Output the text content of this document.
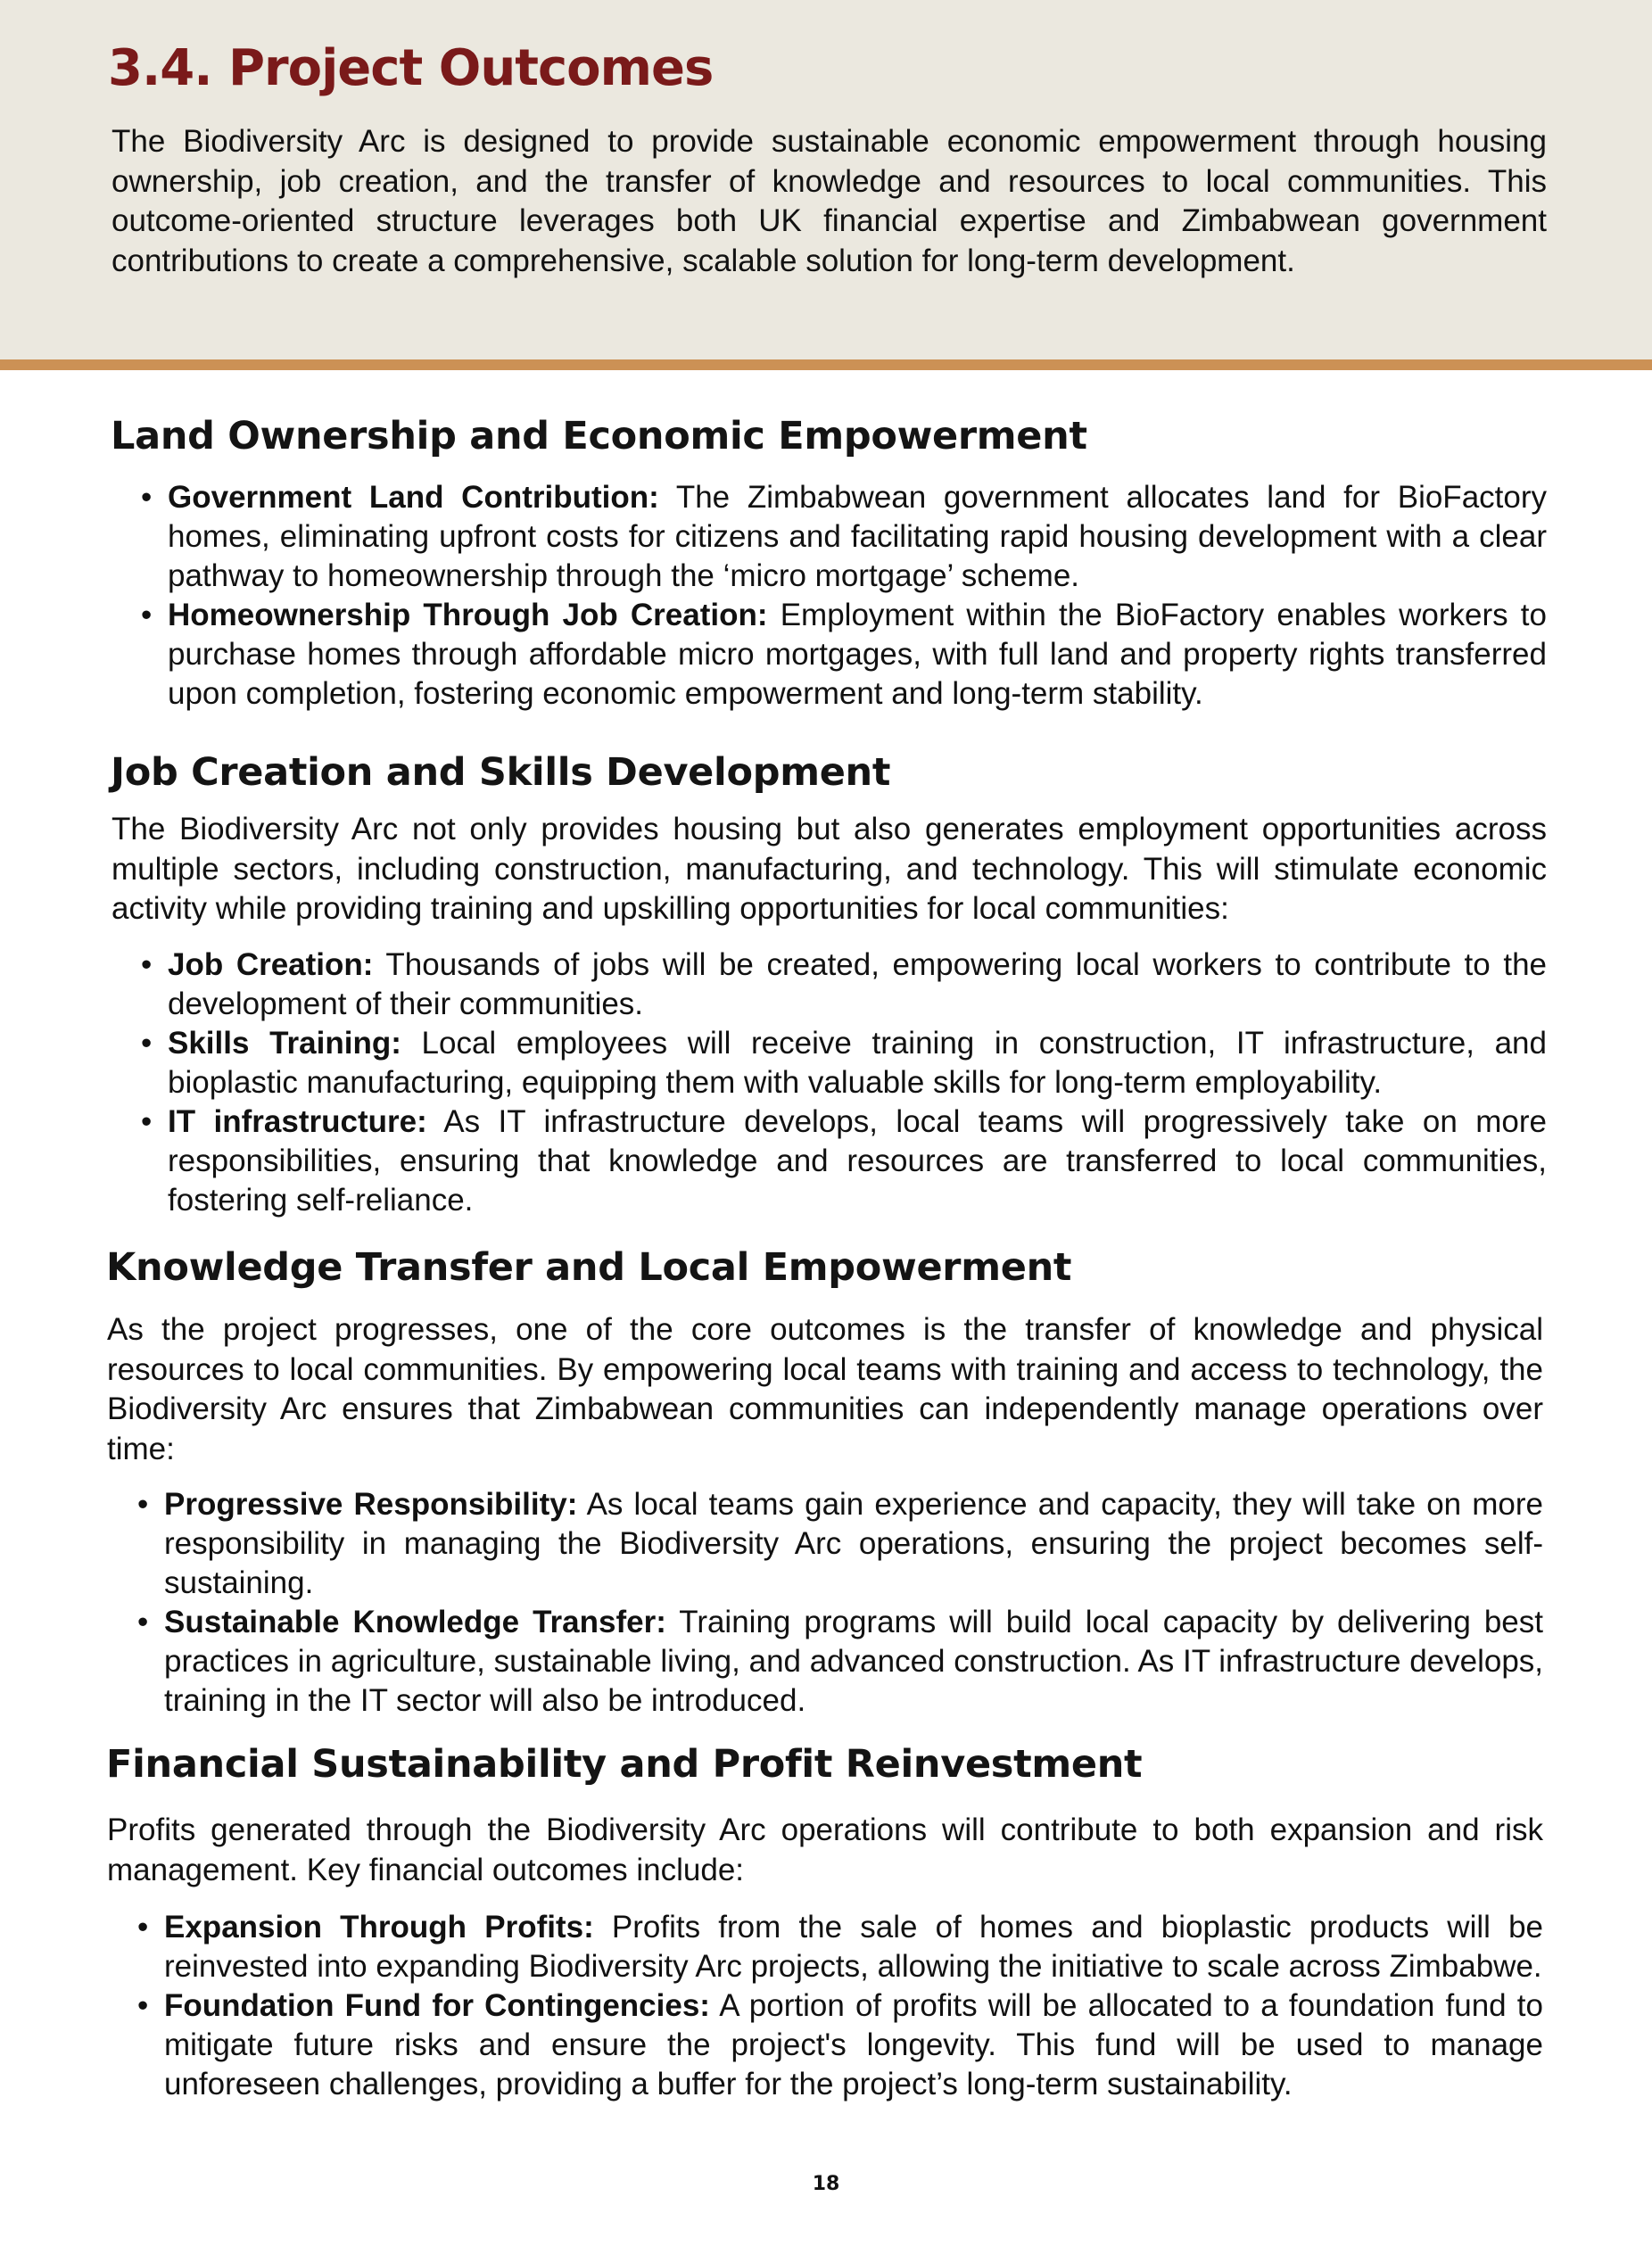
3.4. Project Outcomes

The Biodiversity Arc is designed to provide sustainable economic empowerment through housing ownership, job creation, and the transfer of knowledge and resources to local communities. This outcome-oriented structure leverages both UK financial expertise and Zimbabwean government contributions to create a comprehensive, scalable solution for long-term development.

Land Ownership and Economic Empowerment
• Government Land Contribution: The Zimbabwean government allocates land for BioFactory homes, eliminating upfront costs for citizens and facilitating rapid housing development with a clear pathway to homeownership through the ‘micro mortgage’ scheme.
• Homeownership Through Job Creation: Employment within the BioFactory enables workers to purchase homes through affordable micro mortgages, with full land and property rights transferred upon completion, fostering economic empowerment and long-term stability.
Job Creation and Skills Development

The Biodiversity Arc not only provides housing but also generates employment opportunities across multiple sectors, including construction, manufacturing, and technology. This will stimulate economic activity while providing training and upskilling opportunities for local communities:

• Job Creation: Thousands of jobs will be created, empowering local workers to contribute to the development of their communities.
• Skills Training: Local employees will receive training in construction, IT infrastructure, and bioplastic manufacturing, equipping them with valuable skills for long-term employability.
• IT infrastructure: As IT infrastructure develops, local teams will progressively take on more responsibilities, ensuring that knowledge and resources are transferred to local communities, fostering self-reliance.
Knowledge Transfer and Local Empowerment

As the project progresses, one of the core outcomes is the transfer of knowledge and physical resources to local communities. By empowering local teams with training and access to technology, the Biodiversity Arc ensures that Zimbabwean communities can independently manage operations over time:

• Progressive Responsibility: As local teams gain experience and capacity, they will take on more responsibility in managing the Biodiversity Arc operations, ensuring the project becomes self-sustaining.
• Sustainable Knowledge Transfer: Training programs will build local capacity by delivering best practices in agriculture, sustainable living, and advanced construction. As IT infrastructure develops, training in the IT sector will also be introduced.
Financial Sustainability and Profit Reinvestment

Profits generated through the Biodiversity Arc operations will contribute to both expansion and risk management. Key financial outcomes include:

• Expansion Through Profits: Profits from the sale of homes and bioplastic products will be reinvested into expanding Biodiversity Arc projects, allowing the initiative to scale across Zimbabwe.
• Foundation Fund for Contingencies: A portion of profits will be allocated to a foundation fund to mitigate future risks and ensure the project's longevity. This fund will be used to manage unforeseen challenges, providing a buffer for the project’s long-term sustainability.
18
